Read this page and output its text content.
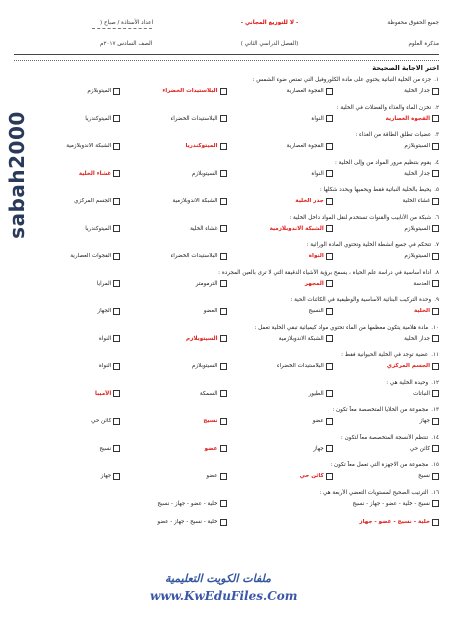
جميع الحقوق محفوظة
- لا للتوزيع المجاني -
اعداد الأستاذة / صباح (
مذكرة العلوم
(الفصل الدراسي الثاني )
الصف السادس ٢٠١٧م
اختر الاجابة الصحيحة
١.جزء من الخلية النباتية يحتوي على مادة الكلوروفيل التي تمتص ضوء الشمس :
جدار الخلية
الفجوة العصارية
البلاستيدات الخضراء
الميتوبلازم
٢.تخزن الماء والغذاء والفضلات في الخلية :
الفجوة العصارية
النواة
البلاستيدات الخضراء
الميتوكندريا
٣.عضيات تطلق الطاقة من الغذاء :
السيتوبلازم
الفجوة العصارية
الميتوكندريا
الشبكة الاندوبلازمية
٤.يقوم بتنظيم مرور المواد من وإلى الخلية :
جدار الخلية
النواة
السيتوبلازم
غشاء الخلية
٥.يحيط بالخلية النباتية فقط ويحميها ويحدد شكلها :
غشاء الخلية
جدر الخلية
الشبكة الاندوبلازمية
الجسم المركزي
٦.شبكة من الأنابيب والقنوات تستخدم لنقل المواد داخل الخلية :
السيتوبلازم
الشبكة الاندوبلازمية
غشاء الخلية
الميتوكندريا
٧.تتحكم في جميع أنشطة الخلية وتحتوي المادة الوراثية :
السيتوبلازم
النواة
البلاستيدات الخضراء
الفجوات العصارية
٨.أداة أساسية في دراسة علم الحياة ، يسمح برؤية الأشياء الدقيقة التي لا ترى بالعين المجردة :
العدسة
المجهر
الترمومتر
المرايا
٩.وحدة التركيب البنائية الأساسية والوظيفية في الكائنات الحية :
الخلية
النسيج
العضو
الجهاز
١٠.مادة هلامية يتكون معظمها من الماء تحتوي مواد كيميائية تبقي الخلية تعمل :
جدار الخلية
الشبكة الاندوبلازمية
السيتوبلازم
النواة
١١.عضية توجد في الخلية الحيوانية فقط :
الجسم المركزي
البلاستيدات الخضراء
السيتوبلازم
النواة
١٢.وحيدة الخلية هي :
النباتات
الطيور
السمكة
الأميبا
١٣.مجموعة من الخلايا المتخصصة معاً تكون :
جهاز
عضو
نسيج
كائن حي
١٤.تنتظم الأنسجة المتخصصة معاً لتكون :
كائن حي
جهاز
عضو
نسيج
١٥.مجموعة من الاجهزة التي تعمل معاً تكون :
نسيج
كائن حي
عضو
جهاز
١٦.الترتيب الصحيح لمستويات التعضي الأربعة هي :
نسيج - خلية - عضو - جهاز - نسيج
خلية - عضو - جهاز - نسيج
خلية - نسيج - عضو - جهاز
خلية - نسيج - جهاز - عضو
sabah2000
ملفات الكويت التعليمية
www.KwEduFiles.Com
